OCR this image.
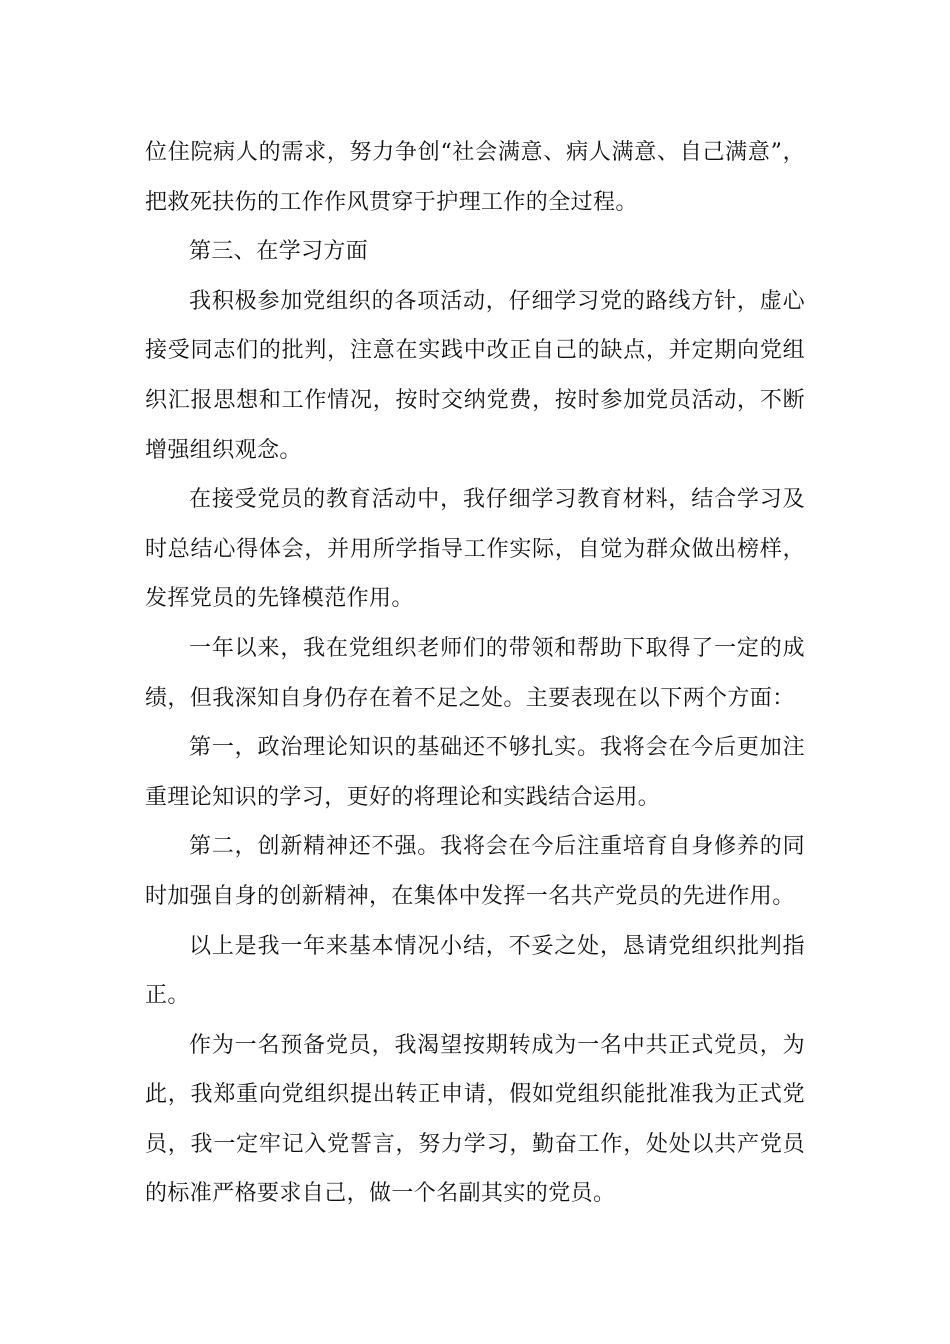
位住院病人的需求，努力争创“社会满意、病人满意、自己满意”，把救死扶伤的工作作风贯穿于护理工作的全过程。

第三、在学习方面

我积极参加党组织的各项活动，仔细学习党的路线方针，虚心接受同志们的批判，注意在实践中改正自己的缺点，并定期向党组织汇报思想和工作情况，按时交纳党费，按时参加党员活动，不断增强组织观念。

在接受党员的教育活动中，我仔细学习教育材料，结合学习及时总结心得体会，并用所学指导工作实际，自觉为群众做出榜样，发挥党员的先锋模范作用。

一年以来，我在党组织老师们的带领和帮助下取得了一定的成绩，但我深知自身仍存在着不足之处。主要表现在以下两个方面：

第一，政治理论知识的基础还不够扎实。我将会在今后更加注重理论知识的学习，更好的将理论和实践结合运用。

第二，创新精神还不强。我将会在今后注重培育自身修养的同时加强自身的创新精神，在集体中发挥一名共产党员的先进作用。

以上是我一年来基本情况小结，不妥之处，恳请党组织批判指正。

作为一名预备党员，我渴望按期转成为一名中共正式党员，为此，我郑重向党组织提出转正申请，假如党组织能批准我为正式党员，我一定牢记入党誓言，努力学习，勤奋工作，处处以共产党员的标准严格要求自己，做一个名副其实的党员。
